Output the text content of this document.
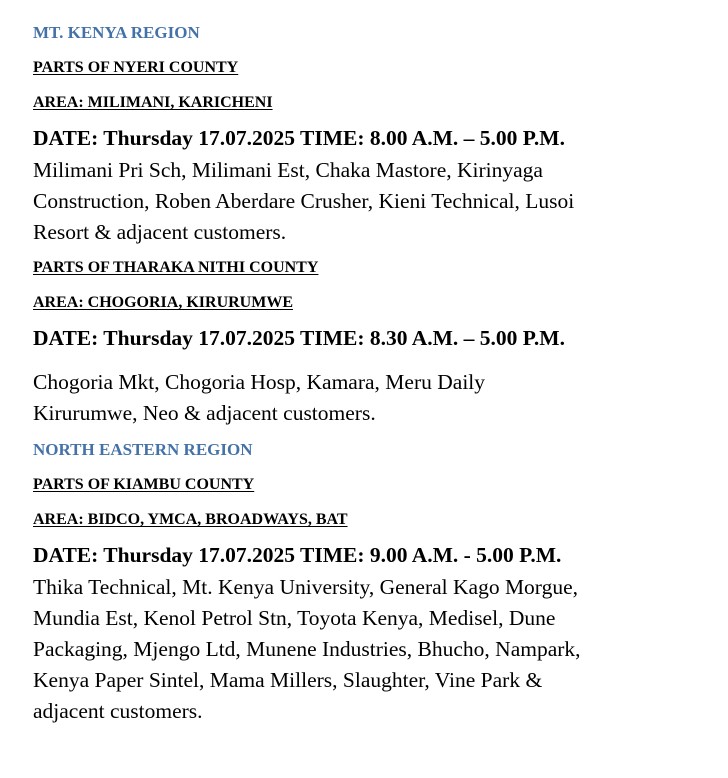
MT. KENYA REGION
PARTS OF NYERI COUNTY
AREA: MILIMANI, KARICHENI
DATE: Thursday 17.07.2025 TIME: 8.00 A.M. – 5.00 P.M.
Milimani Pri Sch, Milimani Est, Chaka Mastore, Kirinyaga
Construction, Roben Aberdare Crusher, Kieni Technical, Lusoi
Resort & adjacent customers.
PARTS OF THARAKA NITHI COUNTY
AREA: CHOGORIA, KIRURUMWE
DATE: Thursday 17.07.2025 TIME: 8.30 A.M. – 5.00 P.M.
Chogoria Mkt, Chogoria Hosp, Kamara, Meru Daily
Kirurumwe, Neo & adjacent customers.
NORTH EASTERN REGION
PARTS OF KIAMBU COUNTY
AREA: BIDCO, YMCA, BROADWAYS, BAT
DATE: Thursday 17.07.2025 TIME: 9.00 A.M. - 5.00 P.M.
Thika Technical, Mt. Kenya University, General Kago Morgue,
Mundia Est, Kenol Petrol Stn, Toyota Kenya, Medisel, Dune
Packaging, Mjengo Ltd, Munene Industries, Bhucho, Nampark,
Kenya Paper Sintel, Mama Millers, Slaughter, Vine Park &
adjacent customers.
